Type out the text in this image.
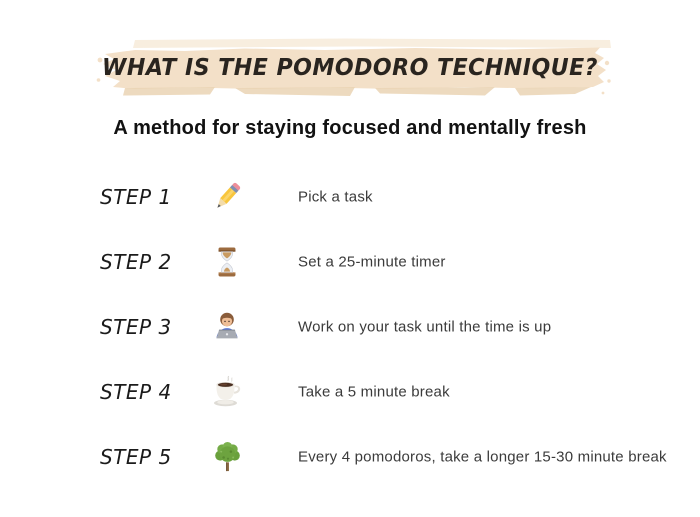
WHAT IS THE POMODORO TECHNIQUE?
A method for staying focused and mentally fresh
STEP 1	Pick a task
STEP 2	Set a 25-minute timer
STEP 3	Work on your task until the time is up
STEP 4	Take a 5 minute break
STEP 5	Every 4 pomodoros, take a longer 15-30 minute break
